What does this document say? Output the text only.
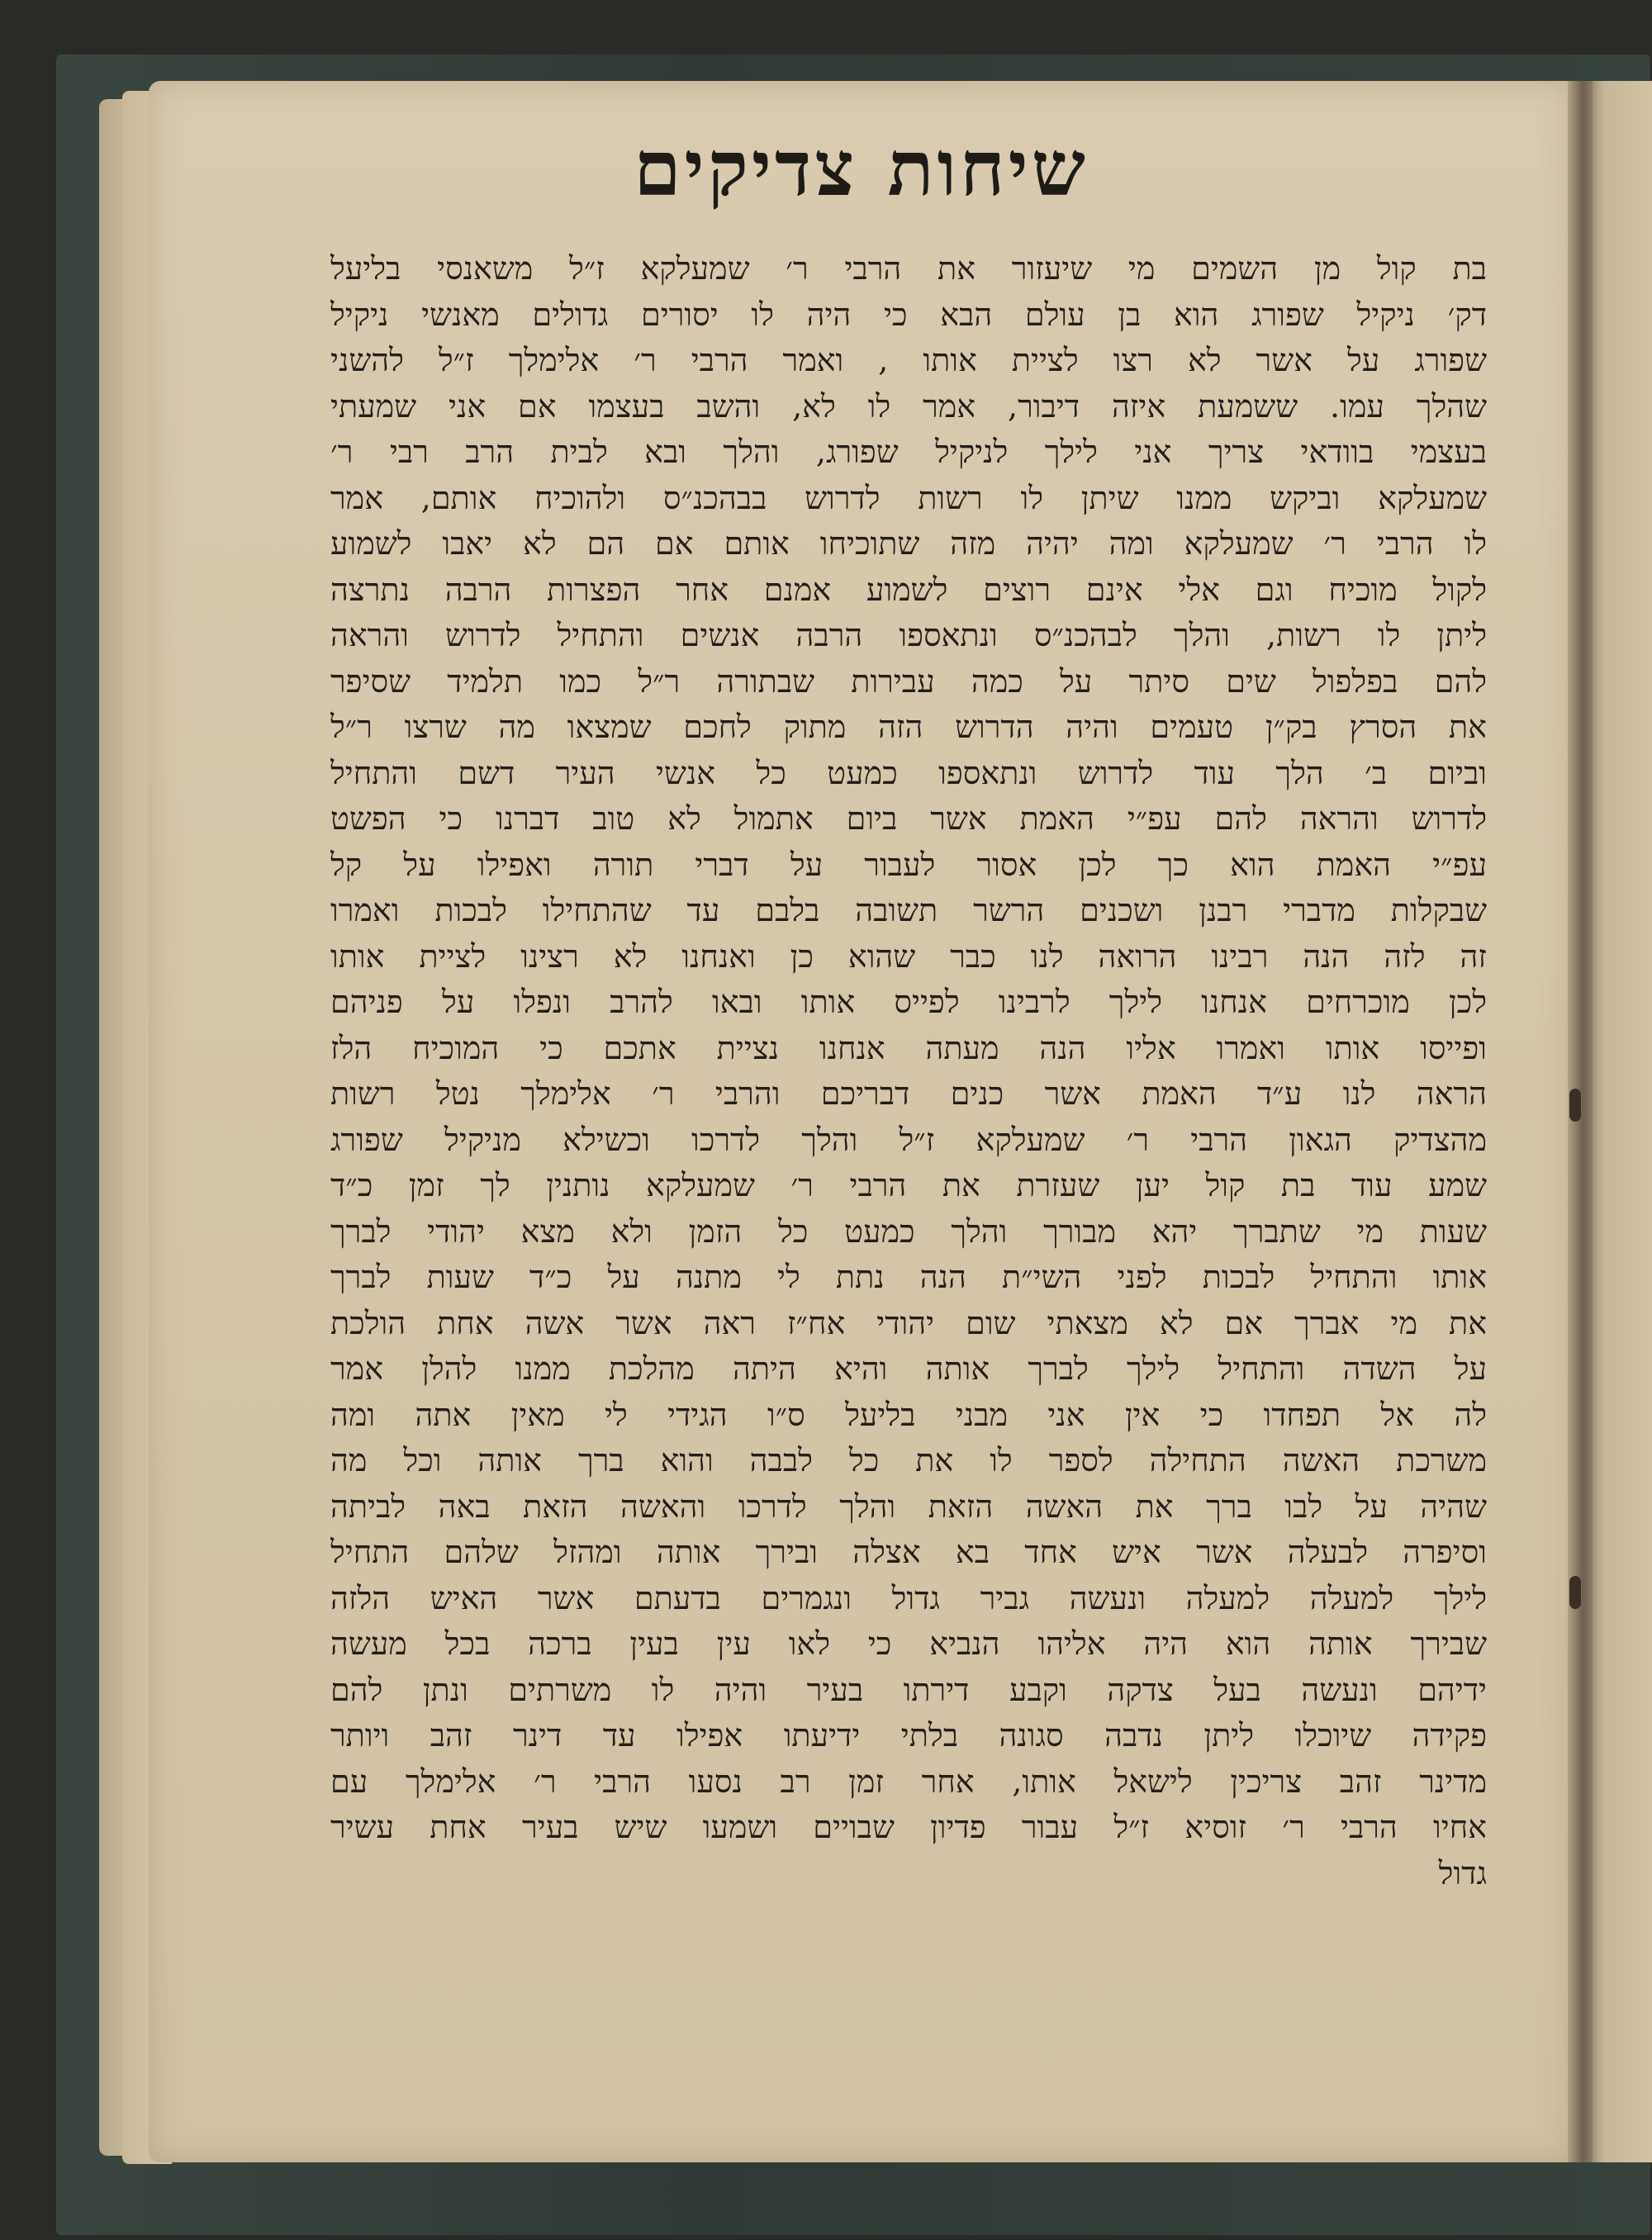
שיחות צדיקים
בת קול מן השמים מי שיעזור את הרבי ר׳ שמעלקא ז״ל משאנסי בליעל
דק׳ ניקיל שפורג הוא בן עולם הבא כי היה לו יסורים גדולים מאנשי ניקיל
שפורג על אשר לא רצו לציית אותו , ואמר הרבי ר׳ אלימלך ז״ל להשני
שהלך עמו. ששמעת איזה דיבור, אמר לו לא, והשב בעצמו אם אני שמעתי
בעצמי בוודאי צריך אני לילך לניקיל שפורג, והלך ובא לבית הרב רבי ר׳
שמעלקא וביקש ממנו שיתן לו רשות לדרוש בבהכנ״ס ולהוכיח אותם, אמר
לו הרבי ר׳ שמעלקא ומה יהיה מזה שתוכיחו אותם אם הם לא יאבו לשמוע
לקול מוכיח וגם אלי אינם רוצים לשמוע אמנם אחר הפצרות הרבה נתרצה
ליתן לו רשות, והלך לבהכנ״ס ונתאספו הרבה אנשים והתחיל לדרוש והראה
להם בפלפול שים סיתר על כמה עבירות שבתורה ר״ל כמו תלמיד שסיפר
את הסרץ בק״ן טעמים והיה הדרוש הזה מתוק לחכם שמצאו מה שרצו ר״ל
וביום ב׳ הלך עוד לדרוש ונתאספו כמעט כל אנשי העיר דשם והתחיל
לדרוש והראה להם עפ״י האמת אשר ביום אתמול לא טוב דברנו כי הפשט
עפ״י האמת הוא כך לכן אסור לעבור על דברי תורה ואפילו על קל
שבקלות מדברי רבנן ושכנים הרשר תשובה בלבם עד שהתחילו לבכות ואמרו
זה לזה הנה רבינו הרואה לנו כבר שהוא כן ואנחנו לא רצינו לציית אותו
לכן מוכרחים אנחנו לילך לרבינו לפייס אותו ובאו להרב ונפלו על פניהם
ופייסו אותו ואמרו אליו הנה מעתה אנחנו נציית אתכם כי המוכיח הלז
הראה לנו ע״ד האמת אשר כנים דבריכם והרבי ר׳ אלימלך נטל רשות
מהצדיק הגאון הרבי ר׳ שמעלקא ז״ל והלך לדרכו וכשילא מניקיל שפורג
שמע עוד בת קול יען שעזרת את הרבי ר׳ שמעלקא נותנין לך זמן כ״ד
שעות מי שתברך יהא מבורך והלך כמעט כל הזמן ולא מצא יהודי לברך
אותו והתחיל לבכות לפני השי״ת הנה נתת לי מתנה על כ״ד שעות לברך
את מי אברך אם לא מצאתי שום יהודי אח״ז ראה אשר אשה אחת הולכת
על השדה והתחיל לילך לברך אותה והיא היתה מהלכת ממנו להלן אמר
לה אל תפחדו כי אין אני מבני בליעל ס״ו הגידי לי מאין אתה ומה
משרכת האשה התחילה לספר לו את כל לבבה והוא ברך אותה וכל מה
שהיה על לבו ברך את האשה הזאת והלך לדרכו והאשה הזאת באה לביתה
וסיפרה לבעלה אשר איש אחד בא אצלה ובירך אותה ומהזל שלהם התחיל
לילך למעלה למעלה ונעשה גביר גדול ונגמרים בדעתם אשר האיש הלזה
שבירך אותה הוא היה אליהו הנביא כי לאו עין בעין ברכה בכל מעשה
ידיהם ונעשה בעל צדקה וקבע דירתו בעיר והיה לו משרתים ונתן להם
פקידה שיוכלו ליתן נדבה סגונה בלתי ידיעתו אפילו עד דינר זהב ויותר
מדינר זהב צריכין לישאל אותו, אחר זמן רב נסעו הרבי ר׳ אלימלך עם
אחיו הרבי ר׳ זוסיא ז״ל עבור פדיון שבויים ושמעו שיש בעיר אחת עשיר
גדול
